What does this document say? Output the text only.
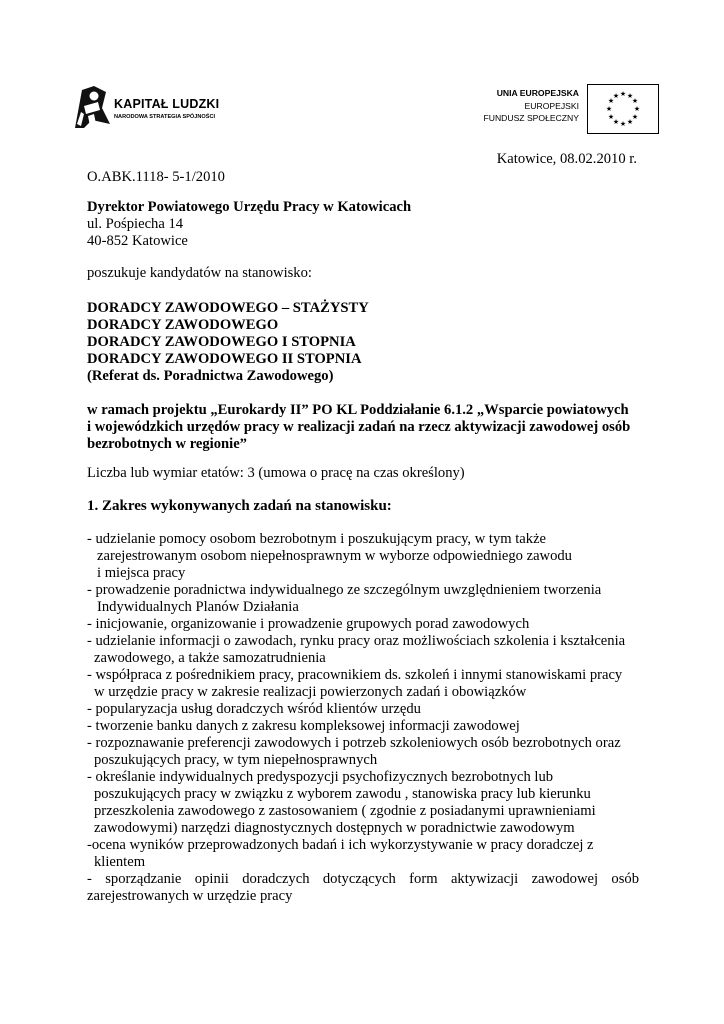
KAPITAŁ LUDZKI
NARODOWA STRATEGIA SPÓJNOŚCI
UNIA EUROPEJSKA
EUROPEJSKI
FUNDUSZ SPOŁECZNY
★ ★
★
★
★
★
★
★
★
★
★
★
Katowice, 08.02.2010 r.
O.ABK.1118- 5-1/2010
Dyrektor Powiatowego Urzędu Pracy w Katowicach
ul. Pośpiecha 14
40-852 Katowice
poszukuje kandydatów na stanowisko:
DORADCY ZAWODOWEGO – STAŻYSTY
DORADCY ZAWODOWEGO
DORADCY ZAWODOWEGO I STOPNIA
DORADCY ZAWODOWEGO II STOPNIA
(Referat ds. Poradnictwa Zawodowego)
w ramach projektu „Eurokardy II” PO KL Poddziałanie 6.1.2 „Wsparcie powiatowych
i wojewódzkich urzędów pracy w realizacji zadań na rzecz aktywizacji zawodowej osób
bezrobotnych w regionie”
Liczba lub wymiar etatów: 3 (umowa o pracę na czas określony)
1. Zakres wykonywanych zadań na stanowisku:
- udzielanie pomocy osobom bezrobotnym i poszukującym pracy, w tym także
zarejestrowanym osobom niepełnosprawnym w wyborze odpowiedniego zawodu
i miejsca pracy
- prowadzenie poradnictwa indywidualnego ze szczególnym uwzględnieniem tworzenia
Indywidualnych Planów Działania
- inicjowanie, organizowanie i prowadzenie grupowych porad zawodowych
- udzielanie informacji o zawodach, rynku pracy oraz możliwościach szkolenia i kształcenia
zawodowego, a także samozatrudnienia
- współpraca z pośrednikiem pracy, pracownikiem ds. szkoleń i innymi stanowiskami pracy
w urzędzie pracy w zakresie realizacji powierzonych zadań i obowiązków
- popularyzacja usług doradczych wśród klientów urzędu
- tworzenie banku danych z zakresu kompleksowej informacji zawodowej
- rozpoznawanie preferencji zawodowych i potrzeb szkoleniowych osób bezrobotnych oraz
poszukujących pracy, w tym niepełnosprawnych
- określanie indywidualnych predyspozycji psychofizycznych bezrobotnych lub
poszukujących pracy w związku z wyborem zawodu , stanowiska pracy lub kierunku
przeszkolenia zawodowego z zastosowaniem ( zgodnie z posiadanymi uprawnieniami
zawodowymi) narzędzi diagnostycznych dostępnych w poradnictwie zawodowym
-ocena wyników przeprowadzonych badań i ich wykorzystywanie w pracy doradczej z
klientem
- sporządzanie opinii doradczych dotyczących form aktywizacji zawodowej osób
zarejestrowanych w urzędzie pracy
